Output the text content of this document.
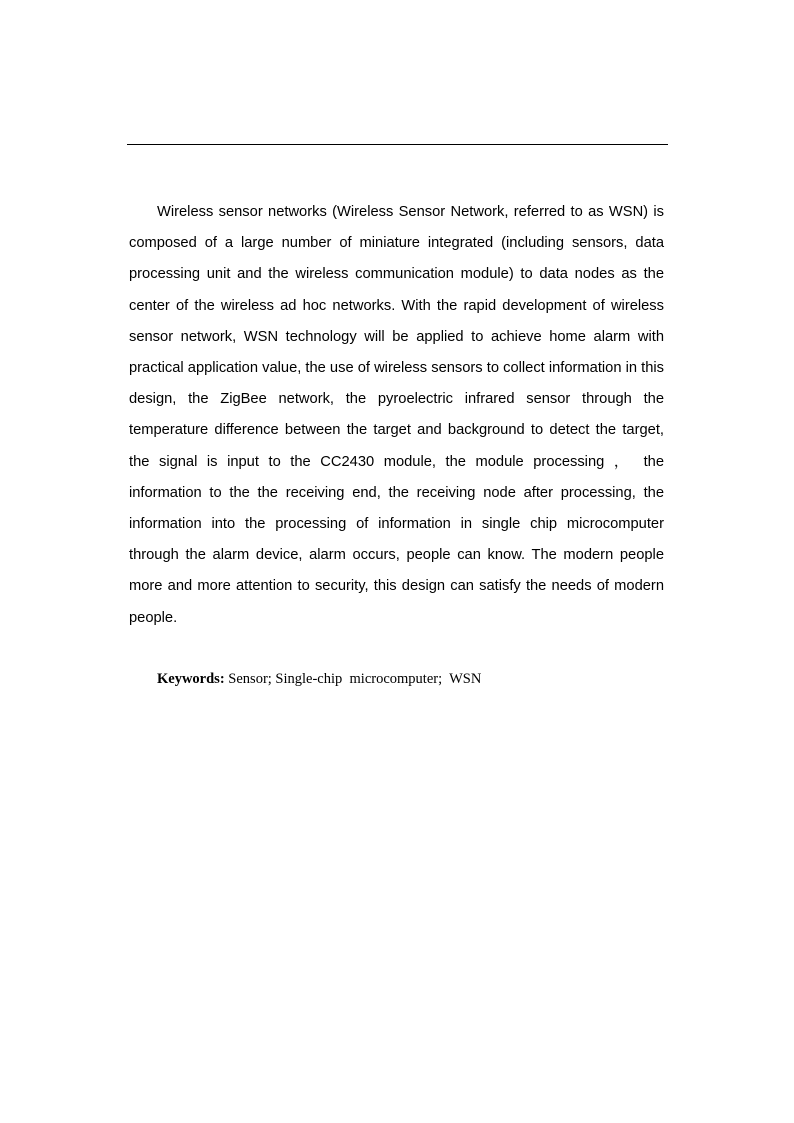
Wireless sensor networks (Wireless Sensor Network, referred to as WSN) is composed of a large number of miniature integrated (including sensors, data processing unit and the wireless communication module) to data nodes as the center of the wireless ad hoc networks. With the rapid development of wireless sensor network, WSN technology will be applied to achieve home alarm with practical application value, the use of wireless sensors to collect information in this design, the ZigBee network, the pyroelectric infrared sensor through the temperature difference between the target and background to detect the target, the signal is input to the CC2430 module, the module processing ， the information to the the receiving end, the receiving node after processing, the information into the processing of information in single chip microcomputer through the alarm device, alarm occurs, people can know. The modern people more and more attention to security, this design can satisfy the needs of modern people.

Keywords: Sensor; Single-chip  microcomputer;  WSN
